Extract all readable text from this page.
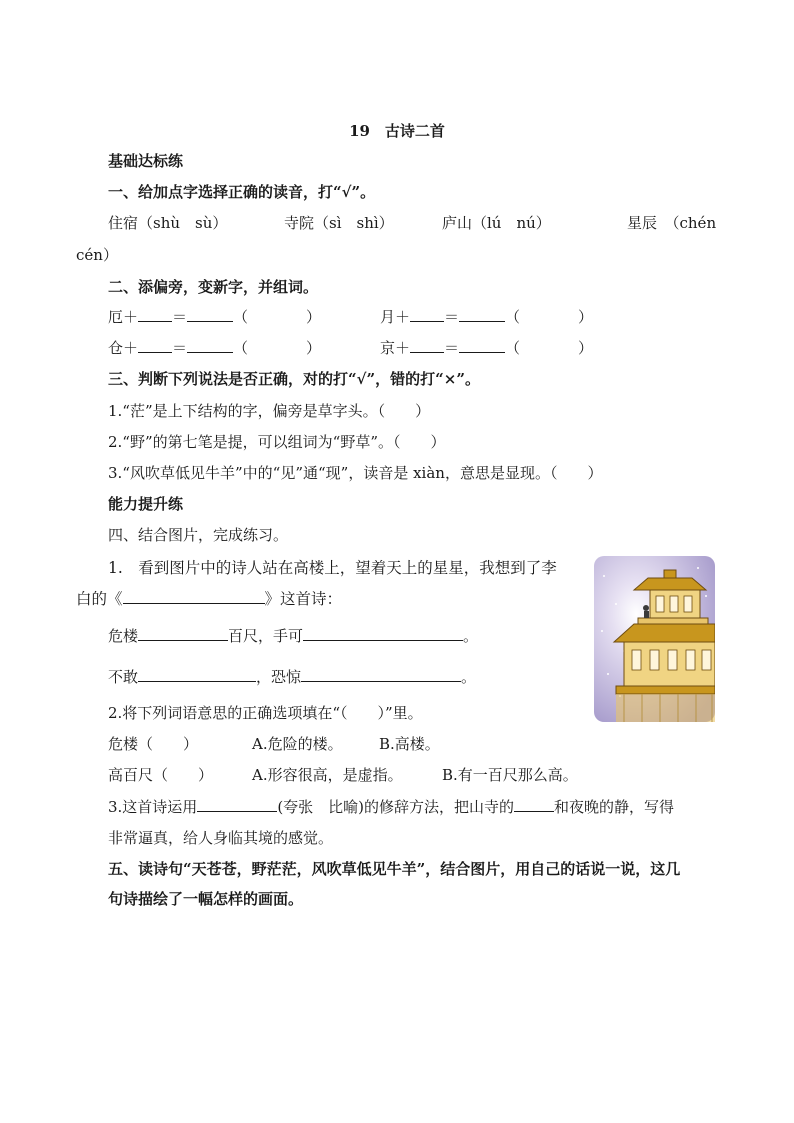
19　古诗二首
基础达标练
一、给加点字选择正确的读音，打“√”。
住宿（shù　sù）	寺院（sì　shì）	庐山（lú　nú）	星辰　（chén
cén）
二、添偏旁，变新字，并组词。
厄＋ ＝	（	）	月＋ ＝	（	）
仓＋ ＝	（	）	京＋ ＝	（	）
三、判断下列说法是否正确，对的打“√”，错的打“×”。
1.“茫”是上下结构的字，偏旁是草字头。（　　）
2.“野”的第七笔是提，可以组词为“野草”。（　　）
3.“风吹草低见牛羊”中的“见”通“现”，读音是 xiàn，意思是显现。（　　）
能力提升练
四、结合图片，完成练习。
1.　看到图片中的诗人站在高楼上，望着天上的星星，我想到了李
白的《	》这首诗：
危楼	百尺，手可	。
不敢	，恐惊	。
2.将下列词语意思的正确选项填在“（　　）”里。
危楼（　　）	A.危险的楼。 B.高楼。
高百尺（　　）	A.形容很高，是虚指。	B.有一百尺那么高。
3.这首诗运用	(夸张　比喻)的修辞方法，把山寺的	和夜晚的静，写得
非常逼真，给人身临其境的感觉。
五、读诗句“天苍苍，野茫茫，风吹草低见牛羊”，结合图片，用自己的话说一说，这几
句诗描绘了一幅怎样的画面。
